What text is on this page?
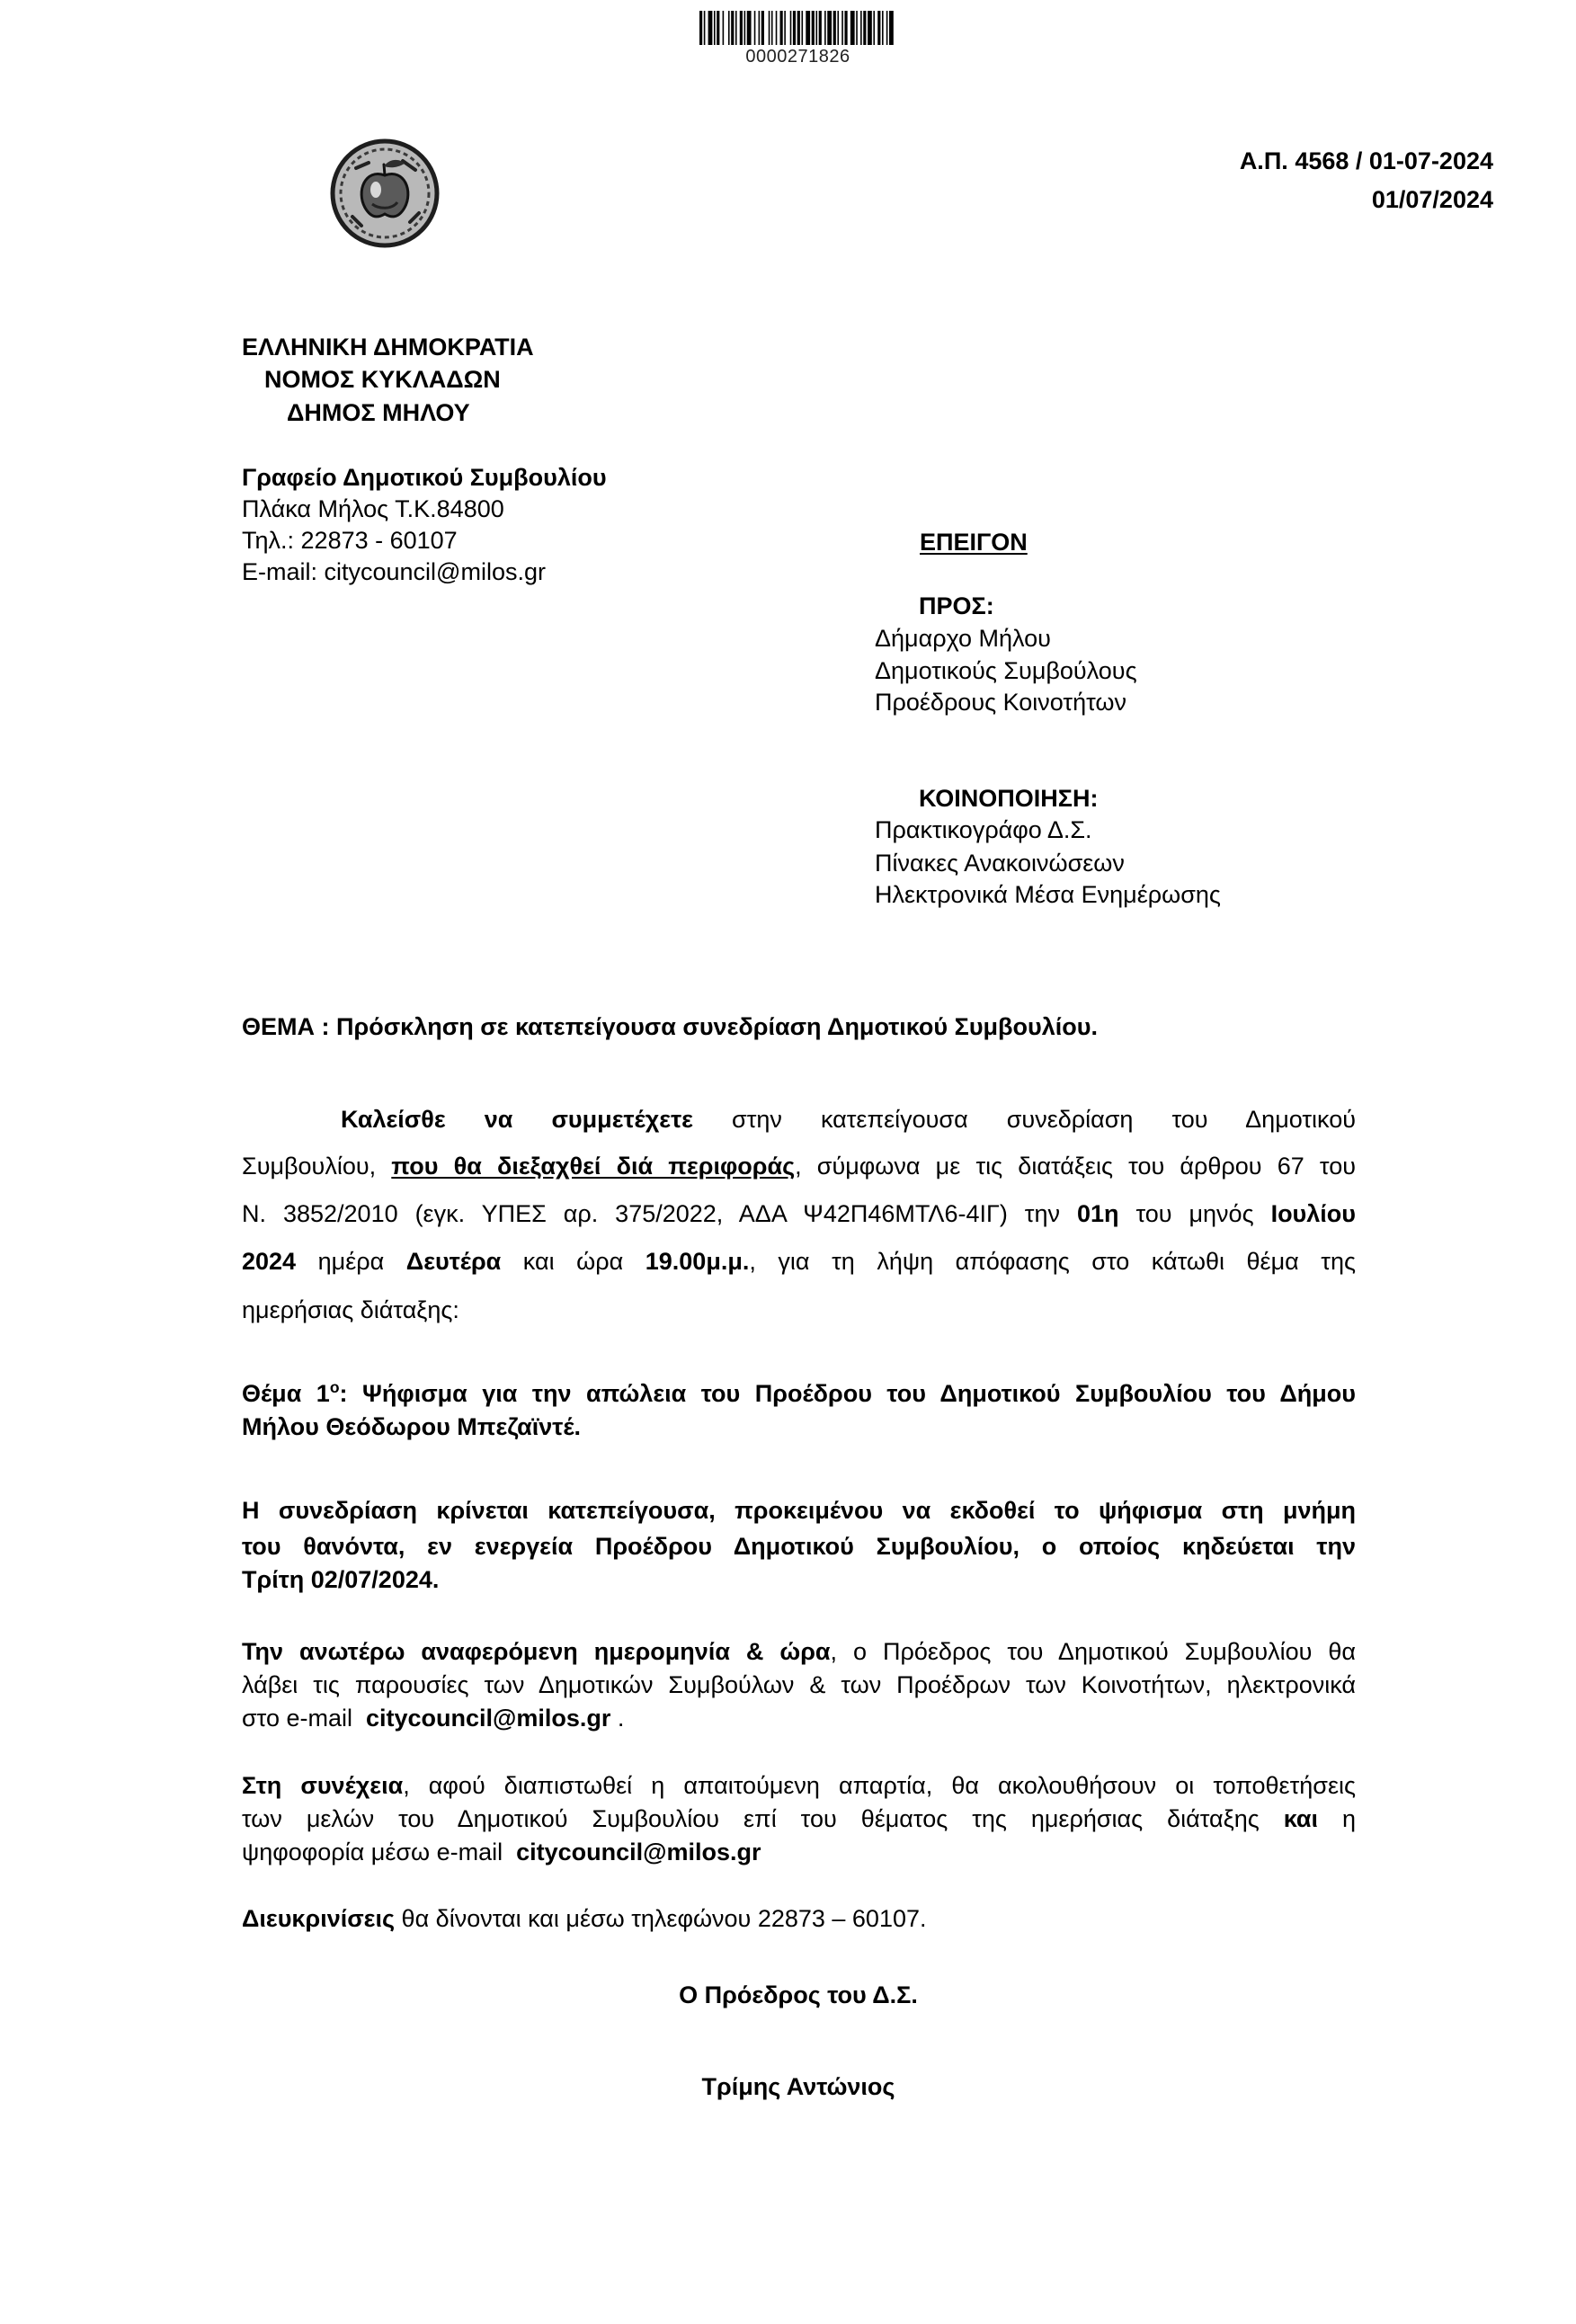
0000271826
Α.Π. 4568 / 01-07-2024
01/07/2024
ΕΛΛΗΝΙΚΗ ΔΗΜΟΚΡΑΤΙΑ
ΝΟΜΟΣ ΚΥΚΛΑΔΩΝ
ΔΗΜΟΣ ΜΗΛΟΥ
Γραφείο Δημοτικού Συμβουλίου
Πλάκα Μήλος Τ.Κ.84800
Τηλ.: 22873 - 60107
E-mail: citycouncil@milos.gr
ΕΠΕΙΓΟΝ
ΠΡΟΣ:
Δήμαρχο Μήλου
Δημοτικούς Συμβούλους
Προέδρους Κοινοτήτων
ΚΟΙΝΟΠΟΙΗΣΗ:
Πρακτικογράφο Δ.Σ.
Πίνακες Ανακοινώσεων
Ηλεκτρονικά Μέσα Ενημέρωσης
ΘΕΜΑ : Πρόσκληση σε κατεπείγουσα συνεδρίαση Δημοτικού Συμβουλίου.
Καλείσθε να συμμετέχετε στην κατεπείγουσα συνεδρίαση του Δημοτικού
Συμβουλίου, που θα διεξαχθεί διά περιφοράς, σύμφωνα με τις διατάξεις του άρθρου 67 του
Ν. 3852/2010 (εγκ. ΥΠΕΣ αρ. 375/2022, ΑΔΑ Ψ42Π46ΜΤΛ6-4ΙΓ) την 01η του μηνός Ιουλίου
2024 ημέρα Δευτέρα και ώρα 19.00μ.μ., για τη λήψη απόφασης στο κάτωθι θέμα της
ημερήσιας διάταξης:
Θέμα $1^o$: Ψήφισμα για την απώλεια του Προέδρου του Δημοτικού Συμβουλίου του Δήμου
Μήλου Θεόδωρου Μπεζαϊντέ.
Η συνεδρίαση κρίνεται κατεπείγουσα, προκειμένου να εκδοθεί το ψήφισμα στη μνήμη
του θανόντα, εν ενεργεία Προέδρου Δημοτικού Συμβουλίου, ο οποίος κηδεύεται την
Τρίτη 02/07/2024.
Την ανωτέρω αναφερόμενη ημερομηνία & ώρα, ο Πρόεδρος του Δημοτικού Συμβουλίου θα
λάβει τις παρουσίες των Δημοτικών Συμβούλων & των Προέδρων των Κοινοτήτων, ηλεκτρονικά
στο e-mail  citycouncil@milos.gr .
Στη συνέχεια, αφού διαπιστωθεί η απαιτούμενη απαρτία, θα ακολουθήσουν οι τοποθετήσεις
των μελών του Δημοτικού Συμβουλίου επί του θέματος της ημερήσιας διάταξης και η
ψηφοφορία μέσω e-mail  citycouncil@milos.gr
Διευκρινίσεις θα δίνονται και μέσω τηλεφώνου 22873 – 60107.
Ο Πρόεδρος του Δ.Σ.
Τρίμης Αντώνιος
